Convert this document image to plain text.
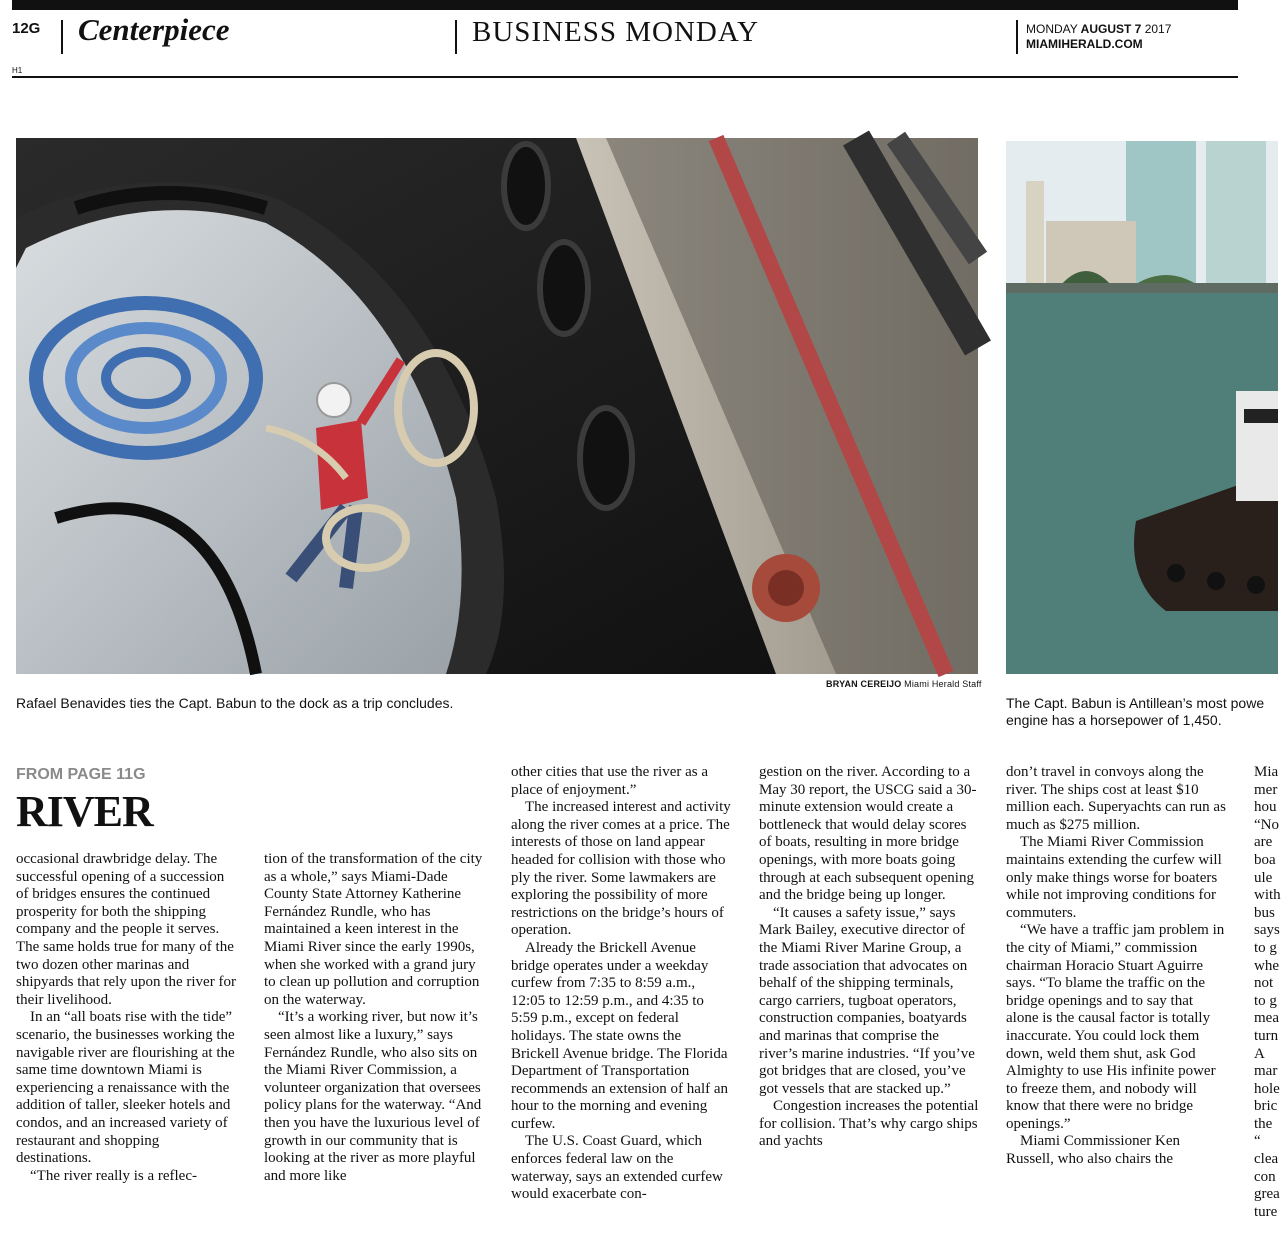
12G
H1
Centerpiece	BUSINESS MONDAY	MONDAY AUGUST 7 2017
MIAMIHERALD.COM
BRYAN CEREIJO Miami Herald Staff
Rafael Benavides ties the Capt. Babun to the dock as a trip concludes.	The Capt. Babun is Antillean’s most powe
engine has a horsepower of 1,450.
FROM PAGE 11G
RIVER

occasional drawbridge delay. The successful opening of a succession of bridges ensures the continued prosperity for both the shipping company and the people it serves. The same holds true for many of the two dozen other marinas and shipyards that rely upon the river for their livelihood.

In an “all boats rise with the tide” scenario, the businesses working the navigable river are flourishing at the same time downtown Miami is experiencing a renaissance with the addition of taller, sleeker hotels and condos, and an increased variety of restaurant and shopping destinations.

“The river really is a reflec-

tion of the transformation of the city as a whole,” says Miami-Dade County State Attorney Katherine Fernández Rundle, who has maintained a keen interest in the Miami River since the early 1990s, when she worked with a grand jury to clean up pollution and corruption on the waterway.

“It’s a working river, but now it’s seen almost like a luxury,” says Fernández Rundle, who also sits on the Miami River Commission, a volunteer organization that oversees policy plans for the waterway. “And then you have the luxurious level of growth in our community that is looking at the river as more playful and more like

other cities that use the river as a place of enjoyment.”

The increased interest and activity along the river comes at a price. The interests of those on land appear headed for collision with those who ply the river. Some lawmakers are exploring the possibility of more restrictions on the bridge’s hours of operation.

Already the Brickell Avenue bridge operates under a weekday curfew from 7:35 to 8:59 a.m., 12:05 to 12:59 p.m., and 4:35 to 5:59 p.m., except on federal holidays. The state owns the Brickell Avenue bridge. The Florida Department of Transportation recommends an extension of half an hour to the morning and evening curfew.

The U.S. Coast Guard, which enforces federal law on the waterway, says an extended curfew would exacerbate con-

gestion on the river. According to a May 30 report, the USCG said a 30-minute extension would create a bottleneck that would delay scores of boats, resulting in more bridge openings, with more boats going through at each subsequent opening and the bridge being up longer.

“It causes a safety issue,” says Mark Bailey, executive director of the Miami River Marine Group, a trade association that advocates on behalf of the shipping terminals, cargo carriers, tugboat operators, construction companies, boatyards and marinas that comprise the river’s marine industries. “If you’ve got bridges that are closed, you’ve got vessels that are stacked up.”

Congestion increases the potential for collision. That’s why cargo ships and yachts

don’t travel in convoys along the river. The ships cost at least $10 million each. Superyachts can run as much as $275 million.

The Miami River Commission maintains extending the curfew will only make things worse for boaters while not improving conditions for commuters.

“We have a traffic jam problem in the city of Miami,” commission chairman Horacio Stuart Aguirre says. “To blame the traffic on the bridge openings and to say that alone is the causal factor is totally inaccurate. You could lock them down, weld them shut, ask God Almighty to use His infinite power to freeze them, and nobody will know that there were no bridge openings.”

Miami Commissioner Ken Russell, who also chairs the

Mia
mer
hou
“No
are
boa
ule
with
bus
says
to g
whe
not
to g
mea
turn
A
mar
hole
bric
the
“
clea
con
grea
ture
